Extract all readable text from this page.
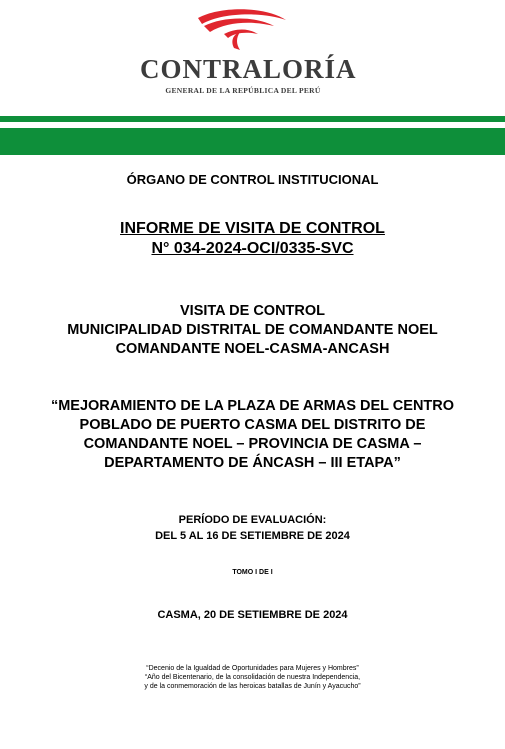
CONTRALORÍA
GENERAL DE LA REPÚBLICA DEL PERÚ
ÓRGANO DE CONTROL INSTITUCIONAL
INFORME DE VISITA DE CONTROL
N° 034-2024-OCI/0335-SVC
VISITA DE CONTROL
MUNICIPALIDAD DISTRITAL DE COMANDANTE NOEL
COMANDANTE NOEL-CASMA-ANCASH
“MEJORAMIENTO DE LA PLAZA DE ARMAS DEL CENTRO
POBLADO DE PUERTO CASMA DEL DISTRITO DE
COMANDANTE NOEL – PROVINCIA DE CASMA –
DEPARTAMENTO DE ÁNCASH – III ETAPA”
PERÍODO DE EVALUACIÓN:
DEL 5 AL 16 DE SETIEMBRE DE 2024
TOMO I DE I
CASMA, 20 DE SETIEMBRE DE 2024
“Decenio de la Igualdad de Oportunidades para Mujeres y Hombres”
“Año del Bicentenario, de la consolidación de nuestra Independencia,
y de la conmemoración de las heroicas batallas de Junín y Ayacucho”
